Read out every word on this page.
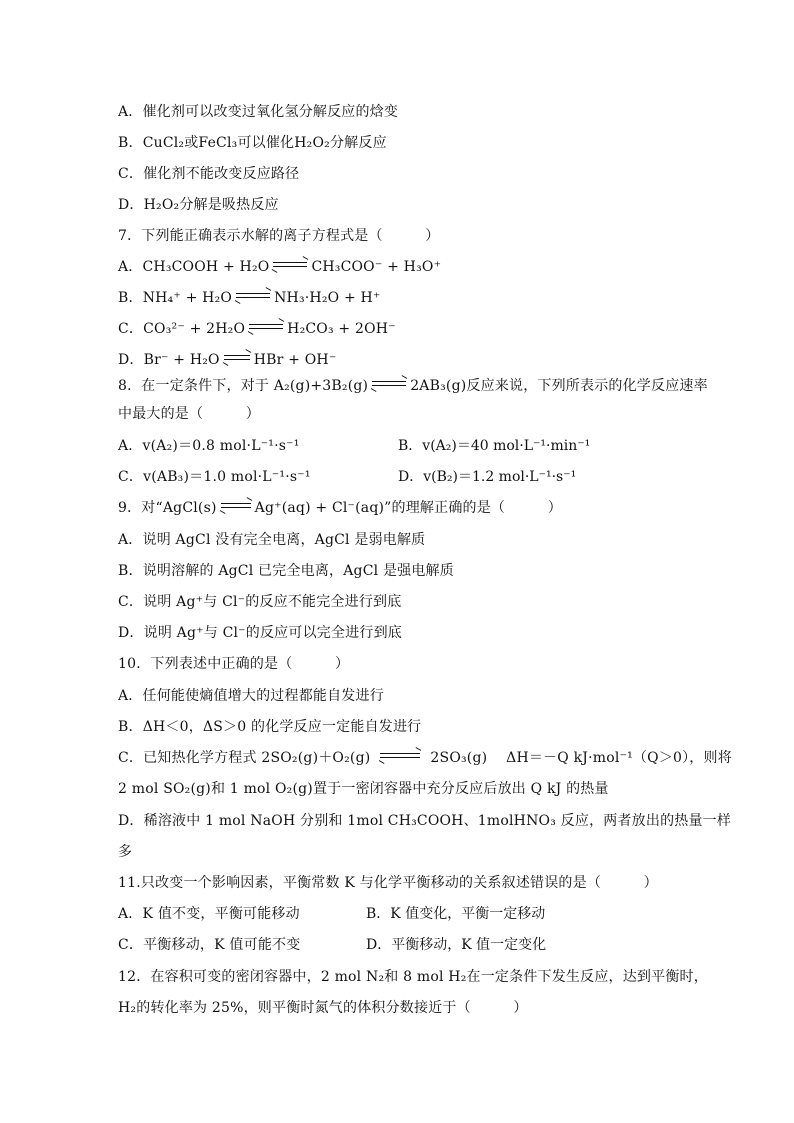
A．催化剂可以改变过氧化氢分解反应的焓变
B．CuCl₂或FeCl₃可以催化H₂O₂分解反应
C．催化剂不能改变反应路径
D．H₂O₂分解是吸热反应
7．下列能正确表示水解的离子方程式是（　　　）
A．CH₃COOH + H₂O	CH₃COO⁻ + H₃O⁺
B．NH₄⁺ + H₂O	NH₃·H₂O + H⁺
C．CO₃²⁻ + 2H₂O	H₂CO₃ + 2OH⁻
D．Br⁻ + H₂O HBr + OH⁻
8．在一定条件下，对于 A₂(g)+3B₂(g)	2AB₃(g)反应来说，下列所表示的化学反应速率
中最大的是（　　　）
A．v(A₂)＝0.8 mol·L⁻¹·s⁻¹	B．v(A₂)＝40 mol·L⁻¹·min⁻¹
C．v(AB₃)＝1.0 mol·L⁻¹·s⁻¹	D．v(B₂)＝1.2 mol·L⁻¹·s⁻¹
9．对“AgCl(s)	Ag⁺(aq) + Cl⁻(aq)”的理解正确的是（　　　）
A．说明 AgCl 没有完全电离，AgCl 是弱电解质
B．说明溶解的 AgCl 已完全电离，AgCl 是强电解质
C．说明 Ag⁺与 Cl⁻的反应不能完全进行到底
D．说明 Ag⁺与 Cl⁻的反应可以完全进行到底
10．下列表述中正确的是（　　　）
A．任何能使熵值增大的过程都能自发进行
B．ΔH＜0，ΔS＞0 的化学反应一定能自发进行
C．已知热化学方程式 2SO₂(g)＋O₂(g)	2SO₃(g)　 ΔH＝－Q kJ·mol⁻¹（Q＞0），则将
2 mol SO₂(g)和 1 mol O₂(g)置于一密闭容器中充分反应后放出 Q kJ 的热量
D．稀溶液中 1 mol NaOH 分别和 1mol CH₃COOH、1molHNO₃ 反应，两者放出的热量一样
多
11.只改变一个影响因素，平衡常数 K 与化学平衡移动的关系叙述错误的是（　　　）
A．K 值不变，平衡可能移动	B．K 值变化，平衡一定移动
C．平衡移动，K 值可能不变	D．平衡移动，K 值一定变化
12．在容积可变的密闭容器中，2 mol N₂和 8 mol H₂在一定条件下发生反应，达到平衡时，
H₂的转化率为 25%，则平衡时氮气的体积分数接近于（　　　）
